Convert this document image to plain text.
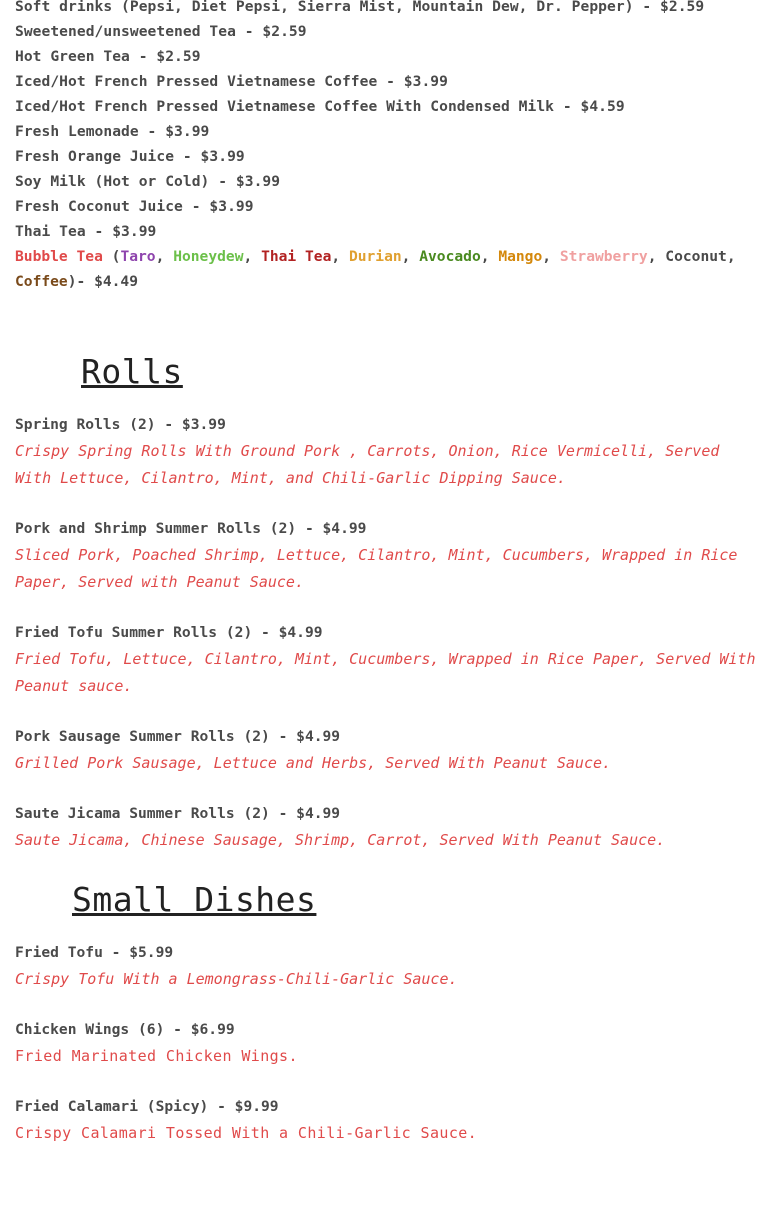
Soft drinks (Pepsi, Diet Pepsi, Sierra Mist, Mountain Dew, Dr. Pepper) - $2.59
Sweetened/unsweetened Tea - $2.59
Hot Green Tea - $2.59
Iced/Hot French Pressed Vietnamese Coffee - $3.99
Iced/Hot French Pressed Vietnamese Coffee With Condensed Milk - $4.59
Fresh Lemonade - $3.99
Fresh Orange Juice - $3.99
Soy Milk (Hot or Cold) - $3.99
Fresh Coconut Juice - $3.99
Thai Tea - $3.99
Bubble Tea (Taro, Honeydew, Thai Tea, Durian, Avocado, Mango, Strawberry, Coconut, Coffee)- $4.49
Rolls
Spring Rolls (2) - $3.99
Crispy Spring Rolls With Ground Pork , Carrots, Onion, Rice Vermicelli, Served With Lettuce, Cilantro, Mint, and Chili-Garlic Dipping Sauce.
Pork and Shrimp Summer Rolls (2) - $4.99
Sliced Pork, Poached Shrimp, Lettuce, Cilantro, Mint, Cucumbers, Wrapped in Rice Paper, Served with Peanut Sauce.
Fried Tofu Summer Rolls (2) - $4.99
Fried Tofu, Lettuce, Cilantro, Mint, Cucumbers, Wrapped in Rice Paper, Served With Peanut sauce.
Pork Sausage Summer Rolls (2) - $4.99
Grilled Pork Sausage, Lettuce and Herbs, Served With Peanut Sauce.
Saute Jicama Summer Rolls (2) - $4.99
Saute Jicama, Chinese Sausage, Shrimp, Carrot, Served With Peanut Sauce.
Small Dishes
Fried Tofu - $5.99
Crispy Tofu With a Lemongrass-Chili-Garlic Sauce.
Chicken Wings (6) - $6.99
Fried Marinated Chicken Wings.
Fried Calamari (Spicy) - $9.99
Crispy Calamari Tossed With a Chili-Garlic Sauce.
